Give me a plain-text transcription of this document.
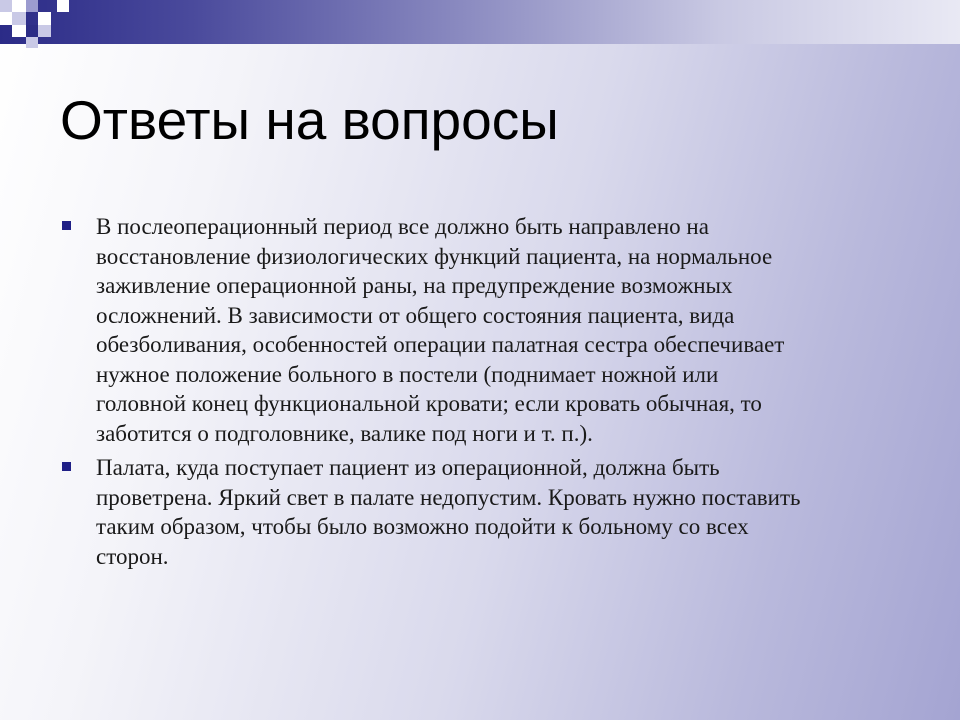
Ответы на вопросы
В послеоперационный период все должно быть направлено на
восстановление физиологических функций пациента, на нормальное
заживление операционной раны, на предупреждение возможных
осложнений. В зависимости от общего состояния пациента, вида
обезболивания, особенностей операции палатная сестра обеспечивает
нужное положение больного в постели (поднимает ножной или
головной конец функциональной кровати; если кровать обычная, то
заботится о подголовнике, валике под ноги и т. п.).
Палата, куда поступает пациент из операционной, должна быть
проветрена. Яркий свет в палате недопустим. Кровать нужно поставить
таким образом, чтобы было возможно подойти к больному со всех
сторон.
